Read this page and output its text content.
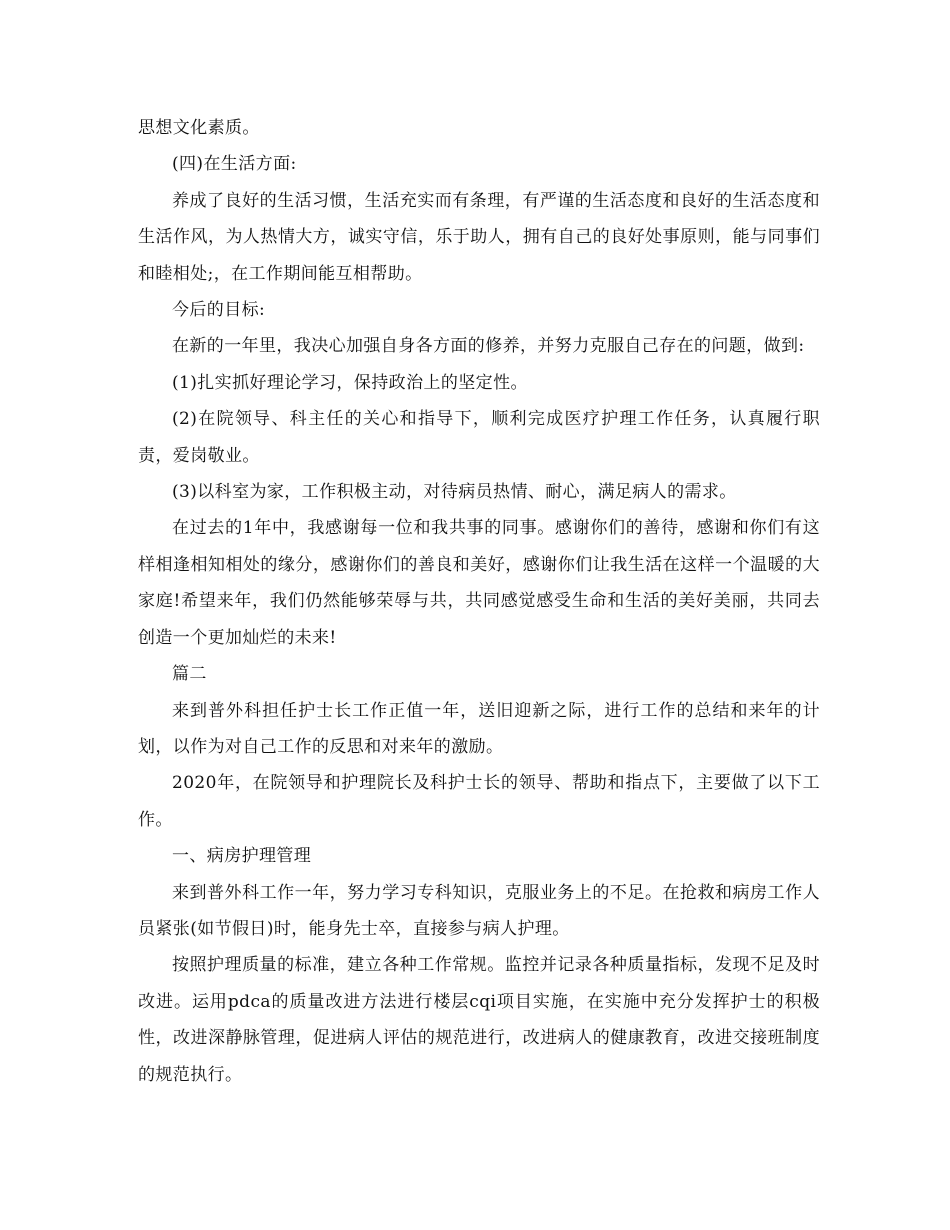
思想文化素质。

(四)在生活方面:

养成了良好的生活习惯，生活充实而有条理，有严谨的生活态度和良好的生活态度和生活作风，为人热情大方，诚实守信，乐于助人，拥有自己的良好处事原则，能与同事们和睦相处;，在工作期间能互相帮助。

今后的目标:

在新的一年里，我决心加强自身各方面的修养，并努力克服自己存在的问题，做到:

(1)扎实抓好理论学习，保持政治上的坚定性。

(2)在院领导、科主任的关心和指导下，顺利完成医疗护理工作任务，认真履行职责，爱岗敬业。

(3)以科室为家，工作积极主动，对待病员热情、耐心，满足病人的需求。

在过去的1年中，我感谢每一位和我共事的同事。感谢你们的善待，感谢和你们有这样相逢相知相处的缘分，感谢你们的善良和美好，感谢你们让我生活在这样一个温暖的大家庭!希望来年，我们仍然能够荣辱与共，共同感觉感受生命和生活的美好美丽，共同去创造一个更加灿烂的未来!

篇二

来到普外科担任护士长工作正值一年，送旧迎新之际，进行工作的总结和来年的计划，以作为对自己工作的反思和对来年的激励。

2020年，在院领导和护理院长及科护士长的领导、帮助和指点下，主要做了以下工作。

一、病房护理管理

来到普外科工作一年，努力学习专科知识，克服业务上的不足。在抢救和病房工作人员紧张(如节假日)时，能身先士卒，直接参与病人护理。

按照护理质量的标准，建立各种工作常规。监控并记录各种质量指标，发现不足及时改进。运用pdca的质量改进方法进行楼层cqi项目实施，在实施中充分发挥护士的积极性，改进深静脉管理，促进病人评估的规范进行，改进病人的健康教育，改进交接班制度的规范执行。
